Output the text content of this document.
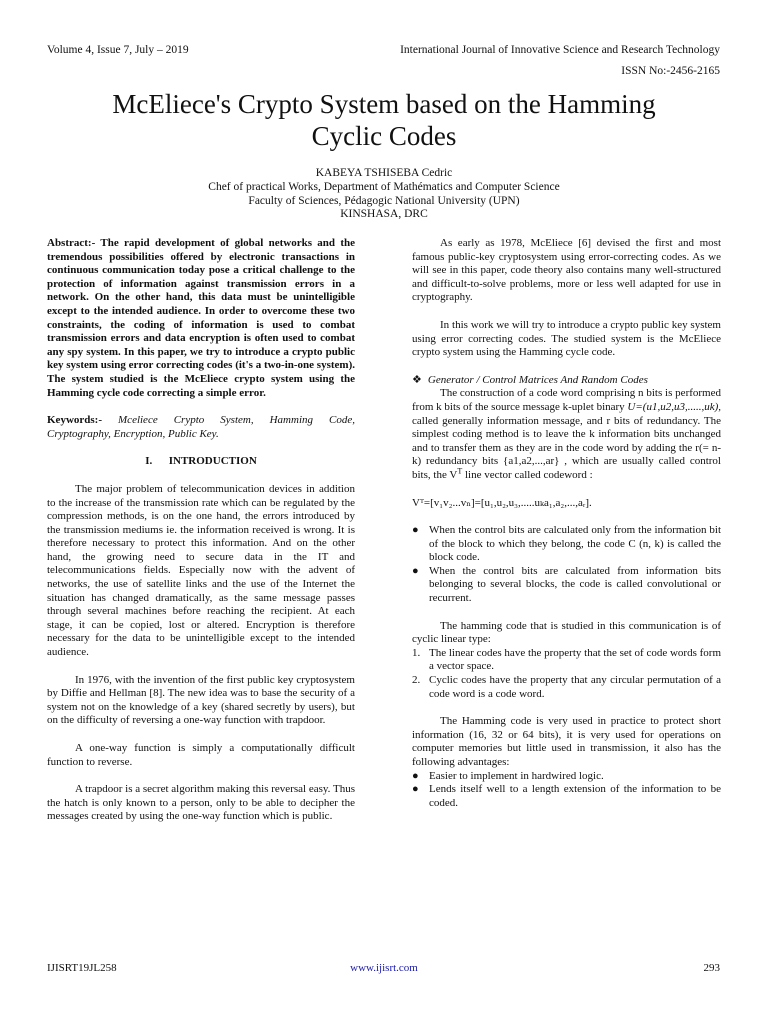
Volume 4, Issue 7, July – 2019	International Journal of Innovative Science and Research Technology
ISSN No:-2456-2165
McEliece's Crypto System based on the Hamming
Cyclic Codes
KABEYA TSHISEBA Cedric
Chef of practical Works, Department of Mathématics and Computer Science
Faculty of Sciences, Pédagogic National University (UPN)
KINSHASA, DRC

Abstract:- The rapid development of global networks and the tremendous possibilities offered by electronic transactions in continuous communication today pose a critical challenge to the protection of information against transmission errors in a network. On the other hand, this data must be unintelligible except to the intended audience. In order to overcome these two constraints, the coding of information is used to combat transmission errors and data encryption is often used to combat any spy system. In this paper, we try to introduce a crypto public key system using error correcting codes (it's a two-in-one system). The system studied is the McEliece crypto system using the Hamming cycle code correcting a simple error.

Keywords:- Mceliece Crypto System, Hamming Code, Cryptography, Encryption, Public Key.

I.      INTRODUCTION

The major problem of telecommunication devices in addition to the increase of the transmission rate which can be regulated by the compression methods, is on the one hand, the errors introduced by the transmission mediums ie. the information received is wrong. It is therefore necessary to protect this information. And on the other hand, the growing need to secure data in the IT and telecommunications fields. Especially now with the advent of networks, the use of satellite links and the use of the Internet the situation has changed dramatically, as the same message passes through several machines before reaching the recipient. At each stage, it can be copied, lost or altered. Encryption is therefore necessary for the data to be unintelligible except to the intended audience.

In 1976, with the invention of the first public key cryptosystem by Diffie and Hellman [8]. The new idea was to base the security of a system not on the knowledge of a key (shared secretly by users), but on the difficulty of reversing a one-way function with trapdoor.

A one-way function is simply a computationally difficult function to reverse.

A trapdoor is a secret algorithm making this reversal easy. Thus the hatch is only known to a person, only to be able to decipher the messages created by using the one-way function which is public.

As early as 1978, McEliece [6] devised the first and most famous public-key cryptosystem using error-correcting codes. As we will see in this paper, code theory also contains many well-structured and difficult-to-solve problems, more or less well adapted for use in cryptography.

In this work we will try to introduce a crypto public key system using error correcting codes. The studied system is the McEliece crypto system using the Hamming cycle code.

❖ Generator / Control Matrices And Random Codes

The construction of a code word comprising n bits is performed from k bits of the source message k-uplet binary U=(u1,u2,u3,.....,uk), called generally information message, and r bits of redundancy. The simplest coding method is to leave the k information bits unchanged and to transfer them as they are in the code word by adding the r(= n-k) redundancy bits {a1,a2,...,ar} , which are usually called control bits, the $V^T$ line vector called codeword :

Vᵀ=[v₁v₂...vₙ]=[u₁,u₂,u₃,.....uₖa₁,a₂,...,aᵣ].

● When the control bits are calculated only from the information bit of the block to which they belong, the code C (n, k) is called the block code.
● When the control bits are calculated from information bits belonging to several blocks, the code is called convolutional or recurrent.

The hamming code that is studied in this communication is of cyclic linear type:

1. The linear codes have the property that the set of code words form a vector space.
2. Cyclic codes have the property that any circular permutation of a code word is a code word.

The Hamming code is very used in practice to protect short information (16, 32 or 64 bits), it is very used for operations on computer memories but little used in transmission, it also has the following advantages:

● Easier to implement in hardwired logic.
● Lends itself well to a length extension of the information to be coded.
IJISRT19JL258	www.ijisrt.com	293
